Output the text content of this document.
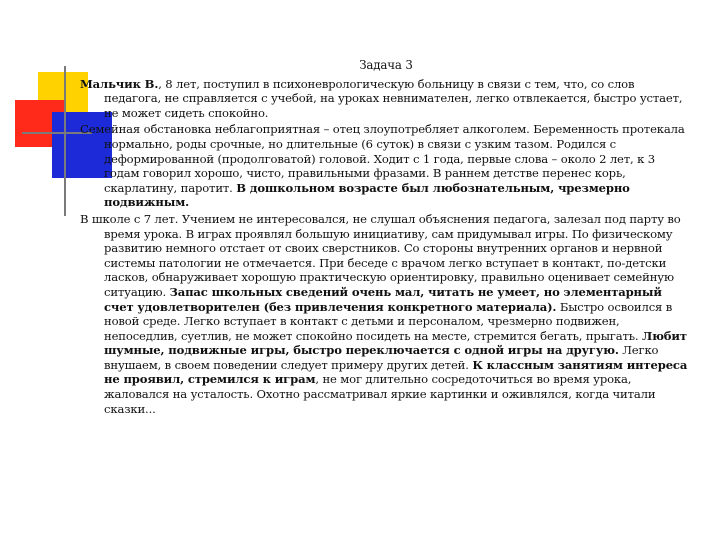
Задача 3

Мальчик В., 8 лет, поступил в психоневрологическую больницу в связи с тем, что, со слов педагога, не справляется с учебой, на уроках невнимателен, легко отвлекается, быстро устает, не может сидеть спокойно.

Семейная обстановка неблагоприятная – отец злоупотребляет алкоголем. Беременность протекала нормально, роды срочные, но длительные (6 суток) в связи с узким тазом. Родился с деформированной (продолговатой) головой. Ходит с 1 года, первые слова – около 2 лет, к 3 годам говорил хорошо, чисто, правильными фразами. В раннем детстве перенес корь, скарлатину, паротит. В дошкольном возрасте был любознательным, чрезмерно подвижным.

В школе с 7 лет. Учением не интересовался, не слушал объяснения педагога, залезал под парту во время урока. В играх проявлял большую инициативу, сам придумывал игры. По физическому развитию немного отстает от своих сверстников. Со стороны внутренних органов и нервной системы патологии не отмечается. При беседе с врачом легко вступает в контакт, по-детски ласков, обнаруживает хорошую практическую ориентировку, правильно оценивает семейную ситуацию. Запас школьных сведений очень мал, читать не умеет, но элементарный счет удовлетворителен (без привлечения конкретного материала). Быстро освоился в новой среде. Легко вступает в контакт с детьми и персоналом, чрезмерно подвижен, непоседлив, суетлив, не может спокойно посидеть на месте, стремится бегать, прыгать. Любит шумные, подвижные игры, быстро переключается с одной игры на другую. Легко внушаем, в своем поведении следует примеру других детей. К классным занятиям интереса не проявил, стремился к играм, не мог длительно сосредоточиться во время урока, жаловался на усталость. Охотно рассматривал яркие картинки и оживлялся, когда читали сказки...
